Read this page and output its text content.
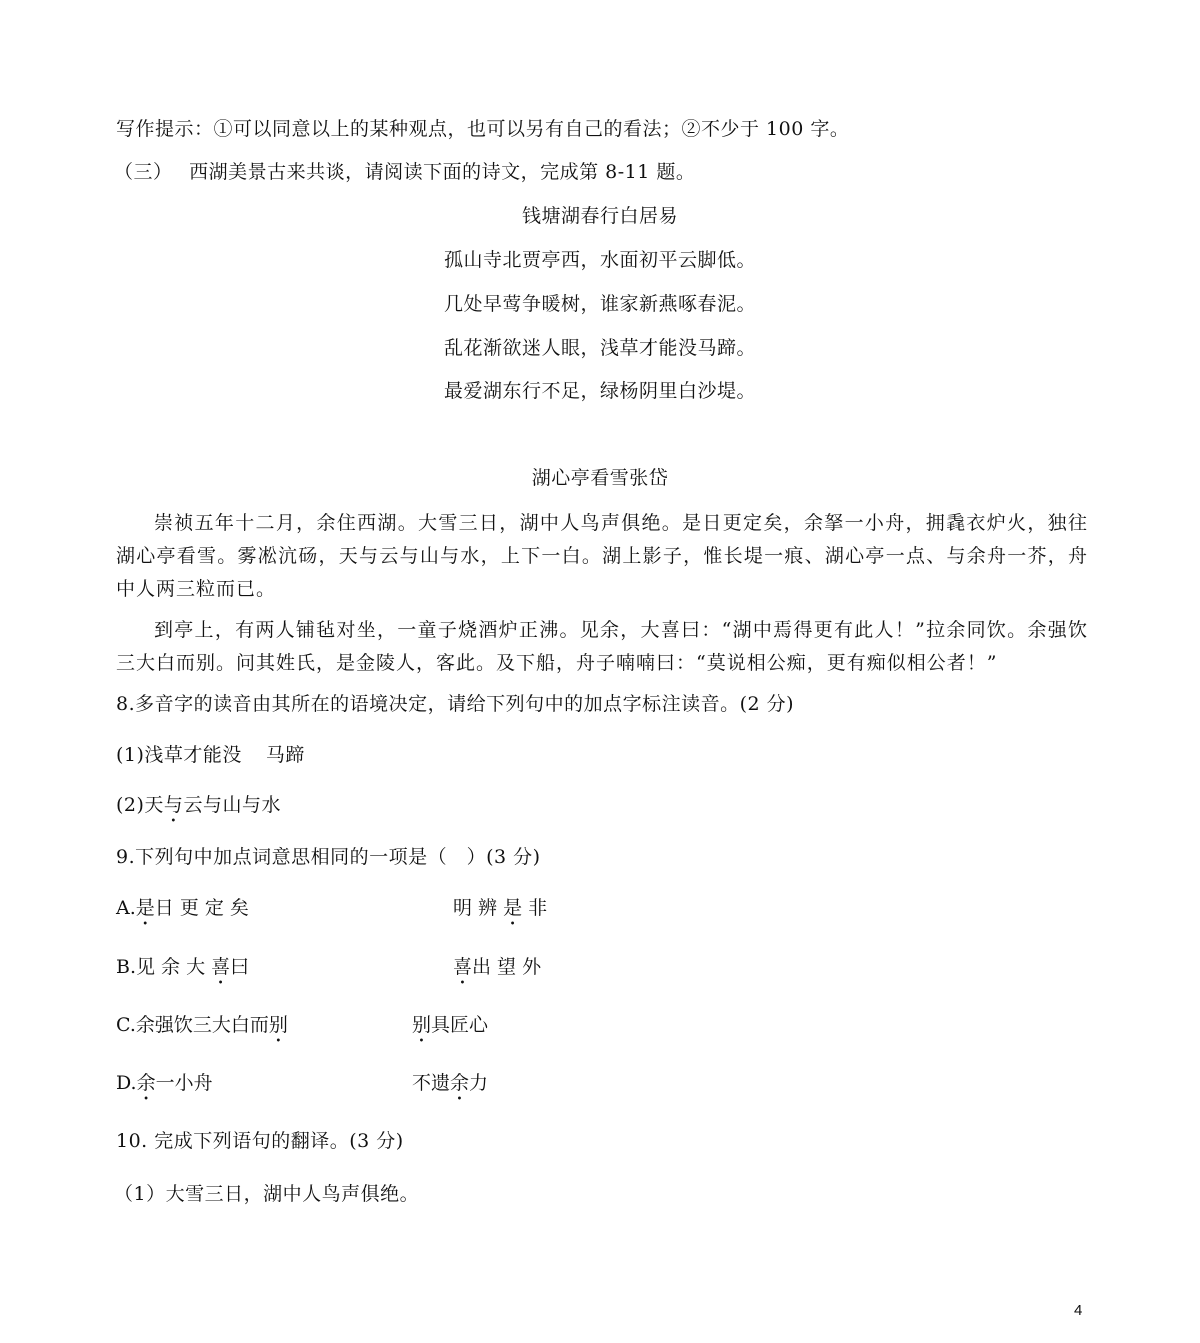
写作提示：①可以同意以上的某种观点，也可以另有自己的看法；②不少于 100 字。
（三） 西湖美景古来共谈，请阅读下面的诗文，完成第 8-11 题。
钱塘湖春行白居易
孤山寺北贾亭西，水面初平云脚低。
几处早莺争暖树，谁家新燕啄春泥。
乱花渐欲迷人眼，浅草才能没马蹄。
最爱湖东行不足，绿杨阴里白沙堤。
湖心亭看雪张岱
崇祯五年十二月，余住西湖。大雪三日，湖中人鸟声俱绝。是日更定矣，余拏一小舟，拥毳衣炉火，独往湖心亭看雪。雾凇沆砀，天与云与山与水，上下一白。湖上影子，惟长堤一痕、湖心亭一点、与余舟一芥，舟中人两三粒而已。
到亭上，有两人铺毡对坐，一童子烧酒炉正沸。见余，大喜曰：“湖中焉得更有此人！”拉余同饮。余强饮三大白而别。问其姓氏，是金陵人，客此。及下船，舟子喃喃曰：“莫说相公痴，更有痴似相公者！”
8.多音字的读音由其所在的语境决定，请给下列句中的加点字标注读音。(2 分)
(1)浅草才能没 马蹄
(2)天与云与山与水
9.下列句中加点词意思相同的一项是（　）(3 分)
A.是日 更 定 矣	明 辨 是 非
B.见 余 大 喜曰	喜出 望 外
C.余强饮三大白而别	别具匠心
D.余一小舟	不遗余力
10. 完成下列语句的翻译。(3 分)
（1）大雪三日，湖中人鸟声俱绝。
4
